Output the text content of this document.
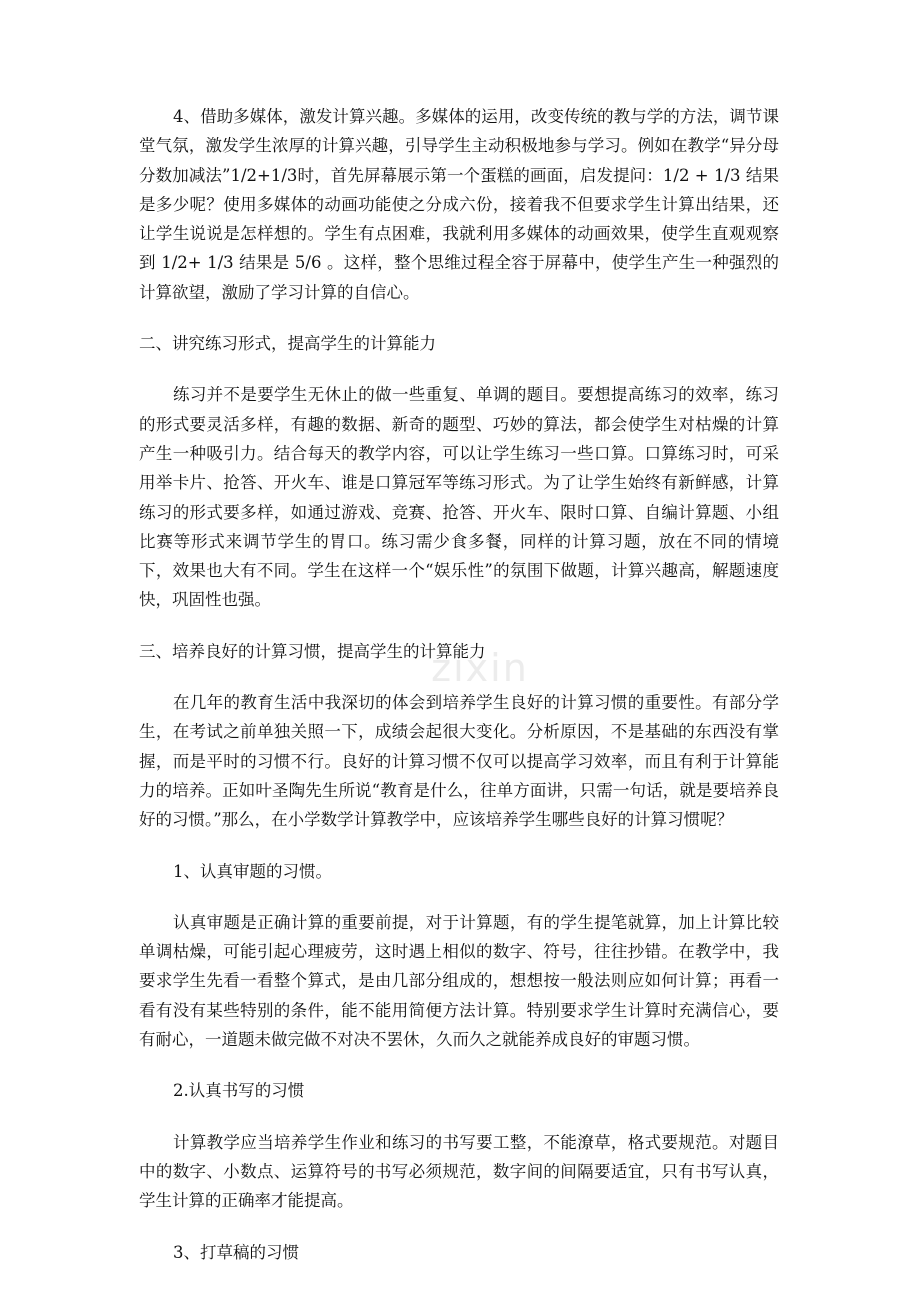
zixin

4、借助多媒体，激发计算兴趣。多媒体的运用，改变传统的教与学的方法，调节课堂气氛，激发学生浓厚的计算兴趣，引导学生主动积极地参与学习。例如在教学“异分母分数加减法”1/2+1/3时，首先屏幕展示第一个蛋糕的画面，启发提问：1/2 + 1/3 结果是多少呢？使用多媒体的动画功能使之分成六份，接着我不但要求学生计算出结果，还让学生说说是怎样想的。学生有点困难，我就利用多媒体的动画效果，使学生直观观察到 1/2+ 1/3 结果是 5/6 。这样，整个思维过程全容于屏幕中，使学生产生一种强烈的计算欲望，激励了学习计算的自信心。

二、讲究练习形式，提高学生的计算能力

练习并不是要学生无休止的做一些重复、单调的题目。要想提高练习的效率，练习的形式要灵活多样，有趣的数据、新奇的题型、巧妙的算法，都会使学生对枯燥的计算产生一种吸引力。结合每天的教学内容，可以让学生练习一些口算。口算练习时，可采用举卡片、抢答、开火车、谁是口算冠军等练习形式。为了让学生始终有新鲜感，计算练习的形式要多样，如通过游戏、竞赛、抢答、开火车、限时口算、自编计算题、小组比赛等形式来调节学生的胃口。练习需少食多餐，同样的计算习题，放在不同的情境下，效果也大有不同。学生在这样一个“娱乐性”的氛围下做题，计算兴趣高，解题速度快，巩固性也强。

三、培养良好的计算习惯，提高学生的计算能力

在几年的教育生活中我深切的体会到培养学生良好的计算习惯的重要性。有部分学生，在考试之前单独关照一下，成绩会起很大变化。分析原因，不是基础的东西没有掌握，而是平时的习惯不行。良好的计算习惯不仅可以提高学习效率，而且有利于计算能力的培养。正如叶圣陶先生所说“教育是什么，往单方面讲，只需一句话，就是要培养良好的习惯。”那么，在小学数学计算教学中，应该培养学生哪些良好的计算习惯呢？

1、认真审题的习惯。

认真审题是正确计算的重要前提，对于计算题，有的学生提笔就算，加上计算比较单调枯燥，可能引起心理疲劳，这时遇上相似的数字、符号，往往抄错。在教学中，我要求学生先看一看整个算式，是由几部分组成的，想想按一般法则应如何计算；再看一看有没有某些特别的条件，能不能用简便方法计算。特别要求学生计算时充满信心，要有耐心，一道题未做完做不对决不罢休，久而久之就能养成良好的审题习惯。

2.认真书写的习惯

计算教学应当培养学生作业和练习的书写要工整，不能潦草，格式要规范。对题目中的数字、小数点、运算符号的书写必须规范，数字间的间隔要适宜，只有书写认真，学生计算的正确率才能提高。

3、打草稿的习惯
